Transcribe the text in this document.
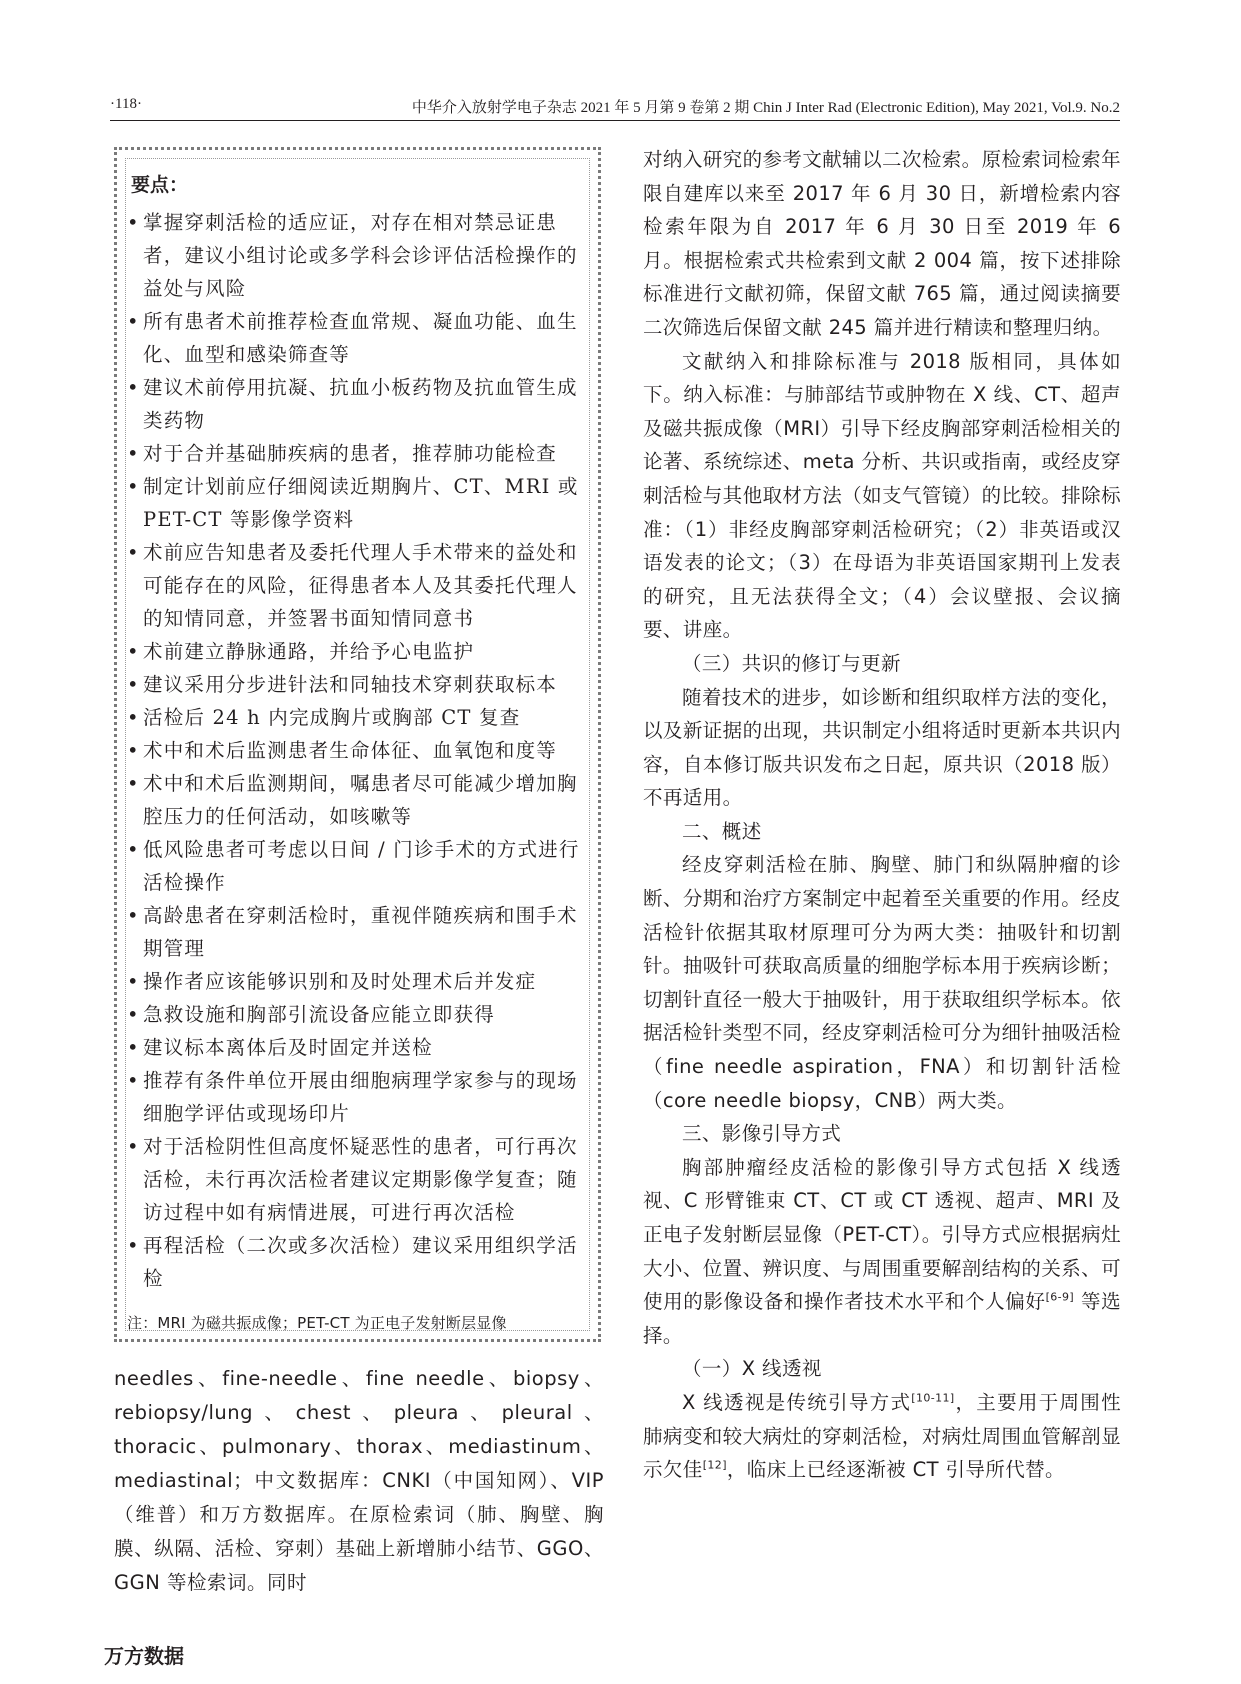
·118·	中华介入放射学电子杂志 2021 年 5 月第 9 卷第 2 期 Chin J Inter Rad (Electronic Edition), May 2021, Vol.9. No.2
要点：
• 掌握穿刺活检的适应证，对存在相对禁忌证患者，建议小组讨论或多学科会诊评估活检操作的益处与风险
• 所有患者术前推荐检查血常规、凝血功能、血生化、血型和感染筛查等
• 建议术前停用抗凝、抗血小板药物及抗血管生成类药物
• 对于合并基础肺疾病的患者，推荐肺功能检查
• 制定计划前应仔细阅读近期胸片、CT、MRI 或 PET-CT 等影像学资料
• 术前应告知患者及委托代理人手术带来的益处和可能存在的风险，征得患者本人及其委托代理人的知情同意，并签署书面知情同意书
• 术前建立静脉通路，并给予心电监护
• 建议采用分步进针法和同轴技术穿刺获取标本
• 活检后 24 h 内完成胸片或胸部 CT 复查
• 术中和术后监测患者生命体征、血氧饱和度等
• 术中和术后监测期间，嘱患者尽可能减少增加胸腔压力的任何活动，如咳嗽等
• 低风险患者可考虑以日间 / 门诊手术的方式进行活检操作
• 高龄患者在穿刺活检时，重视伴随疾病和围手术期管理
• 操作者应该能够识别和及时处理术后并发症
• 急救设施和胸部引流设备应能立即获得
• 建议标本离体后及时固定并送检
• 推荐有条件单位开展由细胞病理学家参与的现场细胞学评估或现场印片
• 对于活检阴性但高度怀疑恶性的患者，可行再次活检，未行再次活检者建议定期影像学复查；随访过程中如有病情进展，可进行再次活检
• 再程活检（二次或多次活检）建议采用组织学活检
注：MRI 为磁共振成像；PET-CT 为正电子发射断层显像
needles、fine-needle、fine needle、biopsy、rebiopsy/lung、chest、pleura、pleural、thoracic、pulmonary、thorax、mediastinum、mediastinal；中文数据库：CNKI（中国知网）、VIP（维普）和万方数据库。在原检索词（肺、胸壁、胸膜、纵隔、活检、穿刺）基础上新增肺小结节、GGO、GGN 等检索词。同时

对纳入研究的参考文献辅以二次检索。原检索词检索年限自建库以来至 2017 年 6 月 30 日，新增检索内容检索年限为自 2017 年 6 月 30 日至 2019 年 6 月。根据检索式共检索到文献 2 004 篇，按下述排除标准进行文献初筛，保留文献 765 篇，通过阅读摘要二次筛选后保留文献 245 篇并进行精读和整理归纳。

文献纳入和排除标准与 2018 版相同，具体如下。纳入标准：与肺部结节或肿物在 X 线、CT、超声及磁共振成像（MRI）引导下经皮胸部穿刺活检相关的论著、系统综述、meta 分析、共识或指南，或经皮穿刺活检与其他取材方法（如支气管镜）的比较。排除标准：（1）非经皮胸部穿刺活检研究；（2）非英语或汉语发表的论文；（3）在母语为非英语国家期刊上发表的研究，且无法获得全文；（4）会议壁报、会议摘要、讲座。

（三）共识的修订与更新

随着技术的进步，如诊断和组织取样方法的变化，以及新证据的出现，共识制定小组将适时更新本共识内容，自本修订版共识发布之日起，原共识（2018 版）不再适用。

二、概述

经皮穿刺活检在肺、胸壁、肺门和纵隔肿瘤的诊断、分期和治疗方案制定中起着至关重要的作用。经皮活检针依据其取材原理可分为两大类：抽吸针和切割针。抽吸针可获取高质量的细胞学标本用于疾病诊断；切割针直径一般大于抽吸针，用于获取组织学标本。依据活检针类型不同，经皮穿刺活检可分为细针抽吸活检（fine needle aspiration，FNA）和切割针活检（core needle biopsy，CNB）两大类。

三、影像引导方式

胸部肿瘤经皮活检的影像引导方式包括 X 线透视、C 形臂锥束 CT、CT 或 CT 透视、超声、MRI 及正电子发射断层显像（PET-CT）。引导方式应根据病灶大小、位置、辨识度、与周围重要解剖结构的关系、可使用的影像设备和操作者技术水平和个人偏好[6-9] 等选择。

（一）X 线透视

X 线透视是传统引导方式[10-11]，主要用于周围性肺病变和较大病灶的穿刺活检，对病灶周围血管解剖显示欠佳[12]，临床上已经逐渐被 CT 引导所代替。

万方数据
